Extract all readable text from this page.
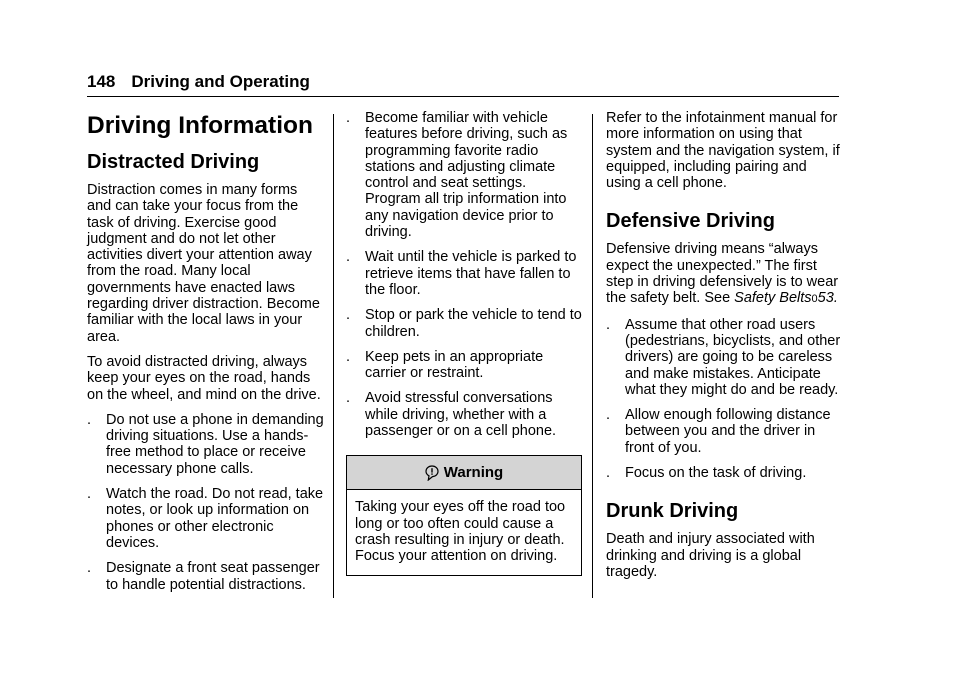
148 Driving and Operating
Driving Information
Distracted Driving

Distraction comes in many forms and can take your focus from the task of driving. Exercise good judgment and do not let other activities divert your attention away from the road. Many local governments have enacted laws regarding driver distraction. Become familiar with the local laws in your area.

To avoid distracted driving, always keep your eyes on the road, hands on the wheel, and mind on the drive.

. Do not use a phone in demanding driving situations. Use a hands-free method to place or receive necessary phone calls.
. Watch the road. Do not read, take notes, or look up information on phones or other electronic devices.
. Designate a front seat passenger to handle potential distractions.
. Become familiar with vehicle features before driving, such as programming favorite radio stations and adjusting climate control and seat settings. Program all trip information into any navigation device prior to driving.
. Wait until the vehicle is parked to retrieve items that have fallen to the floor.
. Stop or park the vehicle to tend to children.
. Keep pets in an appropriate carrier or restraint.
. Avoid stressful conversations while driving, whether with a passenger or on a cell phone.
Warning
Taking your eyes off the road too long or too often could cause a crash resulting in injury or death. Focus your attention on driving.

Refer to the infotainment manual for more information on using that system and the navigation system, if equipped, including pairing and using a cell phone.

Defensive Driving

Defensive driving means “always expect the unexpected.” The first step in driving defensively is to wear the safety belt. See Safety Belts053.

. Assume that other road users (pedestrians, bicyclists, and other drivers) are going to be careless and make mistakes. Anticipate what they might do and be ready.
. Allow enough following distance between you and the driver in front of you.
. Focus on the task of driving.
Drunk Driving

Death and injury associated with drinking and driving is a global tragedy.
